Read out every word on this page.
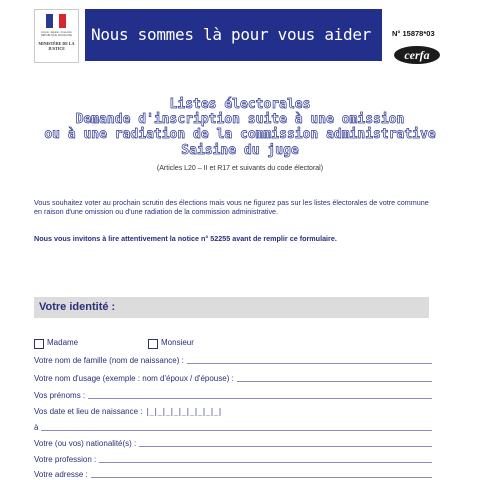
Liberté • Égalité • Fraternité RÉPUBLIQUE FRANÇAISE
MINISTÈRE DE LA JUSTICE
Nous sommes là pour vous aider	N° 15878*03
cerfa
Listes électorales
Demande d'inscription suite à une omission
ou à une radiation de la commission administrative
Saisine du juge
(Articles L20 – II et R17 et suivants du code électoral)
Vous souhaitez voter au prochain scrutin des élections mais vous ne figurez pas sur les listes électorales de votre commune en raison d'une omission ou d'une radiation de la commission administrative.
Nous vous invitons à lire attentivement la notice n° 52255 avant de remplir ce formulaire.
Votre identité :
Madame	Monsieur
Votre nom de famille (nom de naissance) :
Votre nom d'usage (exemple : nom d'époux / d'épouse) :
Vos prénoms :
Vos date et lieu de naissance : |_|_|_|_|_|_|_|_|_|
à
Votre (ou vos) nationalité(s) :
Votre profession :
Votre adresse :
